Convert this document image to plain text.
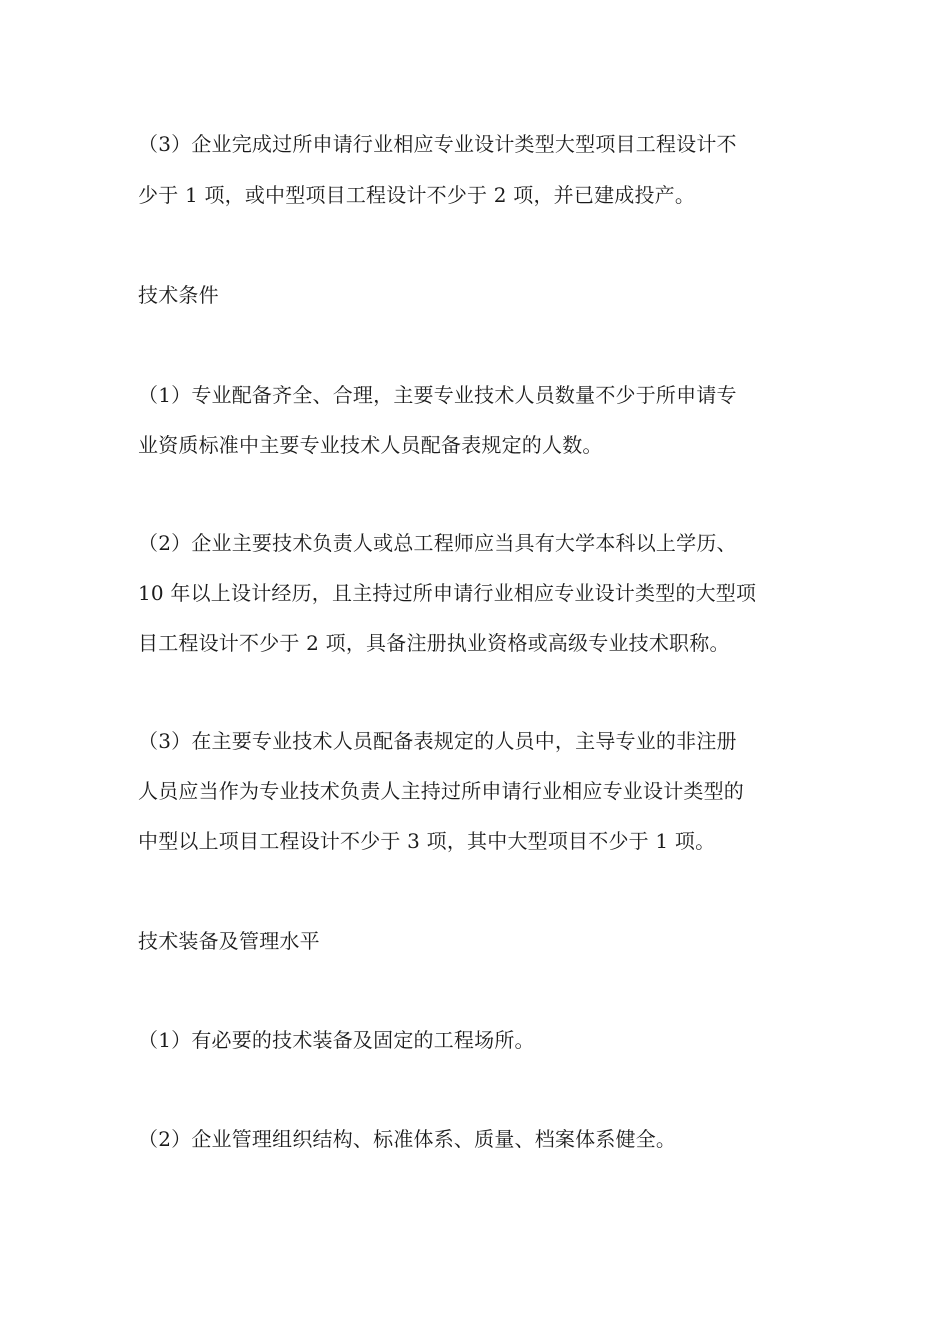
（3）企业完成过所申请行业相应专业设计类型大型项目工程设计不
少于 1 项，或中型项目工程设计不少于 2 项，并已建成投产。
技术条件
（1）专业配备齐全、合理，主要专业技术人员数量不少于所申请专
业资质标准中主要专业技术人员配备表规定的人数。
（2）企业主要技术负责人或总工程师应当具有大学本科以上学历、
10 年以上设计经历，且主持过所申请行业相应专业设计类型的大型项
目工程设计不少于 2 项，具备注册执业资格或高级专业技术职称。
（3）在主要专业技术人员配备表规定的人员中，主导专业的非注册
人员应当作为专业技术负责人主持过所申请行业相应专业设计类型的
中型以上项目工程设计不少于 3 项，其中大型项目不少于 1 项。
技术装备及管理水平
（1）有必要的技术装备及固定的工程场所。
（2）企业管理组织结构、标准体系、质量、档案体系健全。
